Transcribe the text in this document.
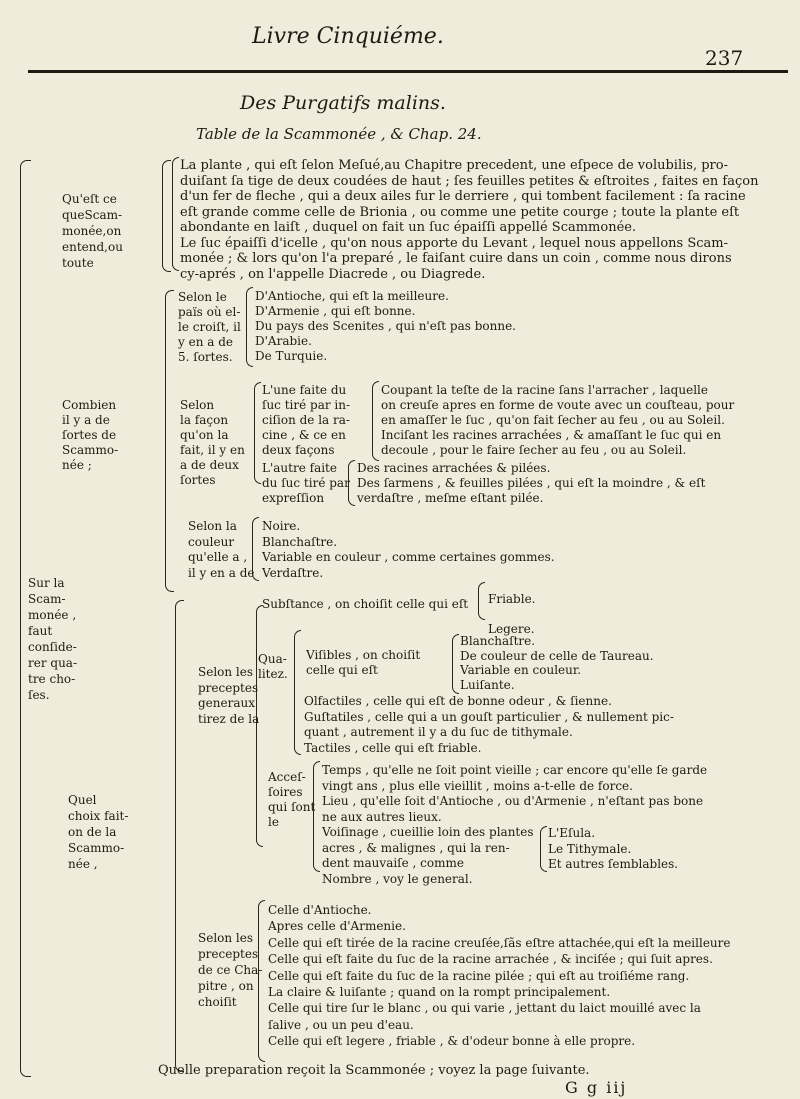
Livre Cinquiéme.
237
Des Purgatifs malins.
Table de la Scammonée , & Chap. 24.
Qu'eſt ce
queScam-
monée,on
entend,ou
toute
Combien
il y a de
ſortes de
Scammo-
née ;
Sur la
Scam-
monée ,
faut
conſide-
rer qua-
tre cho-
ſes.
Quel
choix fait-
on de la
Scammo-
née ,
La plante , qui eſt ſelon Meſué,au Chapitre precedent, une eſpece de volubilis, pro-
duiſant ſa tige de deux coudées de haut ; ſes feuilles petites & eſtroites , faites en façon
d'un fer de fleche , qui a deux ailes fur le derriere , qui tombent facilement : ſa racine
eſt grande comme celle de Brionia , ou comme une petite courge ; toute la plante eſt
abondante en laiſt , duquel on fait un ſuc épaiſſi appellé Scammonée.
Le ſuc épaiſſi d'icelle , qu'on nous apporte du Levant , lequel nous appellons Scam-
monée ; & lors qu'on l'a preparé , le faiſant cuire dans un coin , comme nous dirons
cy-aprés , on l'appelle Diacrede , ou Diagrede.
Selon le
païs où el-
le croiſt, il
y en a de
5. ſortes.
D'Antioche, qui eſt la meilleure.
D'Armenie , qui eſt bonne.
Du pays des Scenites , qui n'eſt pas bonne.
D'Arabie.
De Turquie.
Selon
la façon
qu'on la
fait, il y en
a de deux
ſortes
L'une faite du
ſuc tiré par in-
ciſion de la ra-
cine , & ce en
deux façons
Coupant la teſte de la racine ſans l'arracher , laquelle
on creuſe apres en forme de voute avec un couſteau, pour
en amaſſer le ſuc , qu'on fait ſecher au feu , ou au Soleil.
Inciſant les racines arrachées , & amaſſant le ſuc qui en
decoule , pour le faire ſecher au feu , ou au Soleil.
L'autre faite
du ſuc tiré par
expreſſion
Des racines arrachées & pilées.
Des ſarmens , & feuilles pilées , qui eſt la moindre , & eſt
verdaſtre , meſme eſtant pilée.
Selon la
couleur
qu'elle a ,
il y en a de
Noire.
Blanchaſtre.
Variable en couleur , comme certaines gommes.
Verdaſtre.
Subſtance , on choiſit celle qui eſt Friable.
Legere.
Selon les
preceptes
generaux
tirez de la
Qua-
litez.
Viſibles , on choiſit
celle qui eſt
Blanchaſtre.
De couleur de celle de Taureau.
Variable en couleur.
Luiſante.
Olfactiles , celle qui eſt de bonne odeur , & ſienne.
Guſtatiles , celle qui a un gouſt particulier , & nullement pic-
quant , autrement il y a du ſuc de tithymale.
Tactiles , celle qui eſt friable.
Acceſ-
ſoires
qui ſont
le
Temps , qu'elle ne ſoit point vieille ; car encore qu'elle ſe garde
vingt ans , plus elle vieillit , moins a-t-elle de force.
Lieu , qu'elle ſoit d'Antioche , ou d'Armenie , n'eſtant pas bone
ne aux autres lieux.
Voiſinage , cueillie loin des plantes
acres , & malignes , qui la ren-
dent mauvaiſe , comme
Nombre , voy le general.
L'Eſula.
Le Tithymale.
Et autres ſemblables.
Selon les
preceptes
de ce Cha-
pitre , on
choiſit
Celle d'Antioche.
Apres celle d'Armenie.
Celle qui eſt tirée de la racine creuſée,ſãs eſtre attachée,qui eſt la meilleure
Celle qui eſt faite du ſuc de la racine arrachée , & inciſée ; qui ſuit apres.
Celle qui eſt faite du ſuc de la racine pilée ; qui eſt au troiſiéme rang.
La claire & luiſante ; quand on la rompt principalement.
Celle qui tire ſur le blanc , ou qui varie , jettant du laict mouillé avec la
ſalive , ou un peu d'eau.
Celle qui eſt legere , friable , & d'odeur bonne à elle propre.
Quelle preparation reçoit la Scammonée ; voyez la page ſuivante.
G g iij
